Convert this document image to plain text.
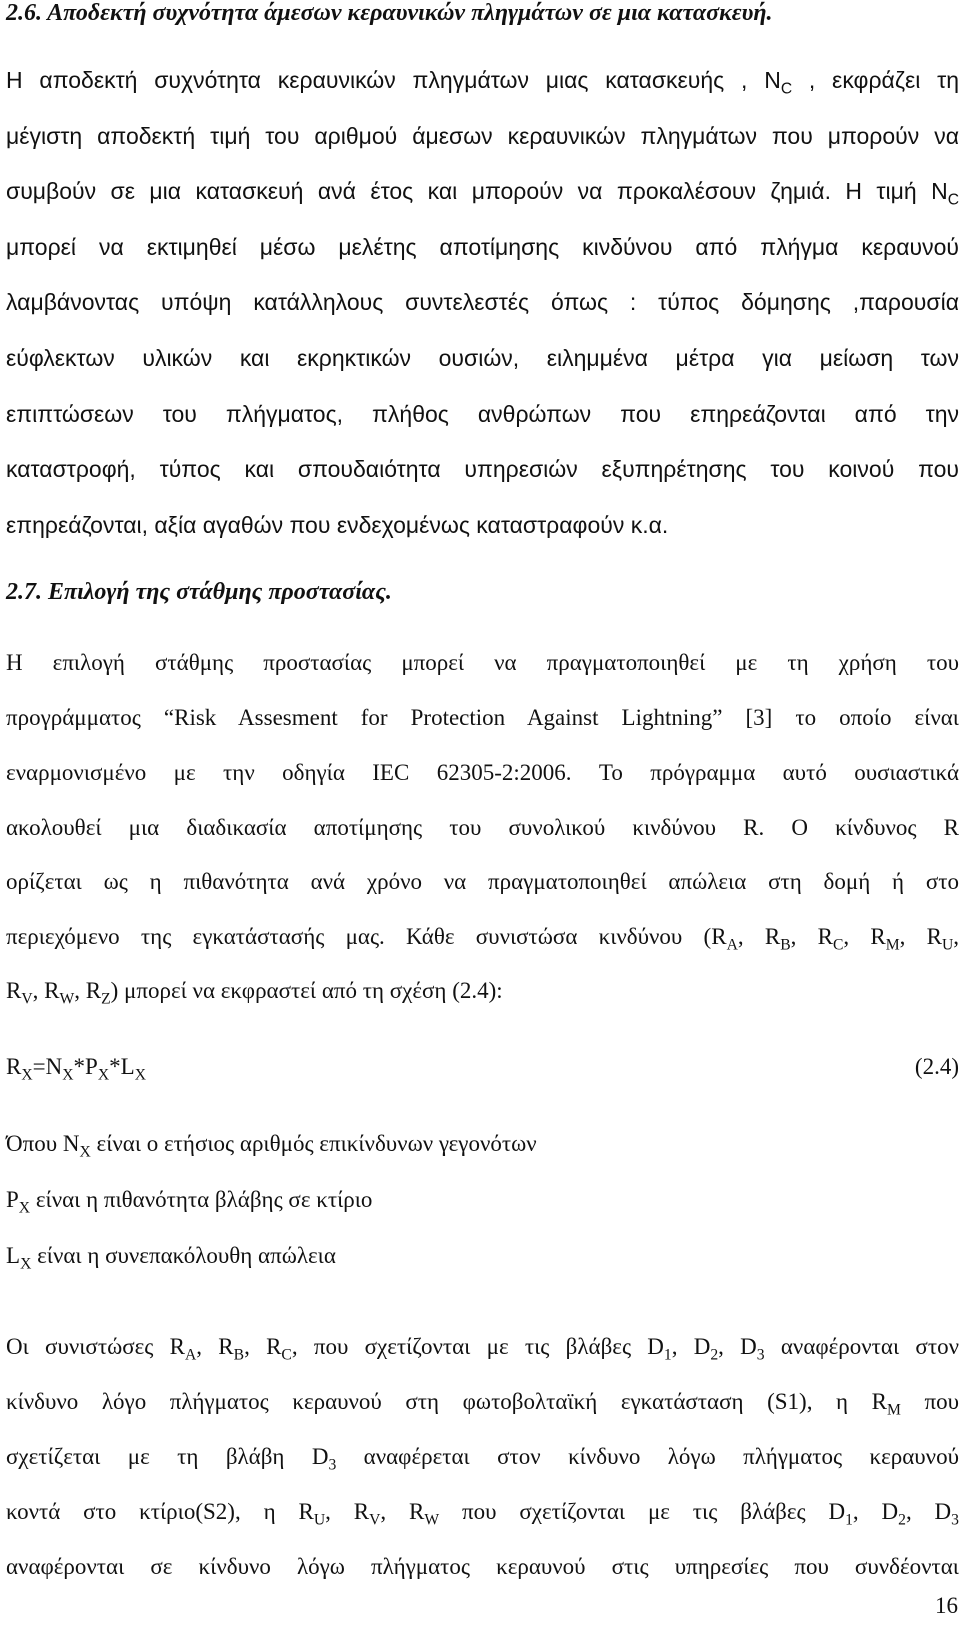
2.6. Αποδεκτή συχνότητα άμεσων κεραυνικών πληγμάτων σε μια κατασκευή.
Η αποδεκτή συχνότητα κεραυνικών πληγμάτων μιας κατασκευής , $N_C$ , εκφράζει τη
μέγιστη αποδεκτή τιμή του αριθμού άμεσων κεραυνικών πληγμάτων που μπορούν να
συμβούν σε μια κατασκευή ανά έτος και μπορούν να προκαλέσουν ζημιά. Η τιμή $N_C$
μπορεί να εκτιμηθεί μέσω μελέτης αποτίμησης κινδύνου από πλήγμα κεραυνού
λαμβάνοντας υπόψη κατάλληλους συντελεστές όπως : τύπος δόμησης ,παρουσία
εύφλεκτων υλικών και εκρηκτικών ουσιών, ειλημμένα μέτρα για μείωση των
επιπτώσεων του πλήγματος, πλήθος ανθρώπων που επηρεάζονται από την
καταστροφή, τύπος και σπουδαιότητα υπηρεσιών εξυπηρέτησης του κοινού που
επηρεάζονται, αξία αγαθών που ενδεχομένως καταστραφούν κ.α.
2.7. Επιλογή της στάθμης προστασίας.
Η επιλογή στάθμης προστασίας μπορεί να πραγματοποιηθεί με τη χρήση του
προγράμματος “Risk Assesment for Protection Against Lightning” [3] το οποίο είναι
εναρμονισμένο με την οδηγία IEC 62305-2:2006. Το πρόγραμμα αυτό ουσιαστικά
ακολουθεί μια διαδικασία αποτίμησης του συνολικού κινδύνου R. Ο κίνδυνος R
ορίζεται ως η πιθανότητα ανά χρόνο να πραγματοποιηθεί απώλεια στη δομή ή στο
περιεχόμενο της εγκατάστασής μας. Κάθε συνιστώσα κινδύνου ($R_A$, $R_B$, $R_C$, $R_M$, $R_U$,
$R_V$, $R_W$, $R_Z$) μπορεί να εκφραστεί από τη σχέση (2.4):
$R_X=N_X*P_X*L_X$	(2.4)
Όπου $N_X$ είναι ο ετήσιος αριθμός επικίνδυνων γεγονότων
$P_X$ είναι η πιθανότητα βλάβης σε κτίριο
$L_X$ είναι η συνεπακόλουθη απώλεια
Οι συνιστώσες $R_A$, $R_B$, $R_C$, που σχετίζονται με τις βλάβες $D_1$, $D_2$, $D_3$ αναφέρονται στον
κίνδυνο λόγο πλήγματος κεραυνού στη φωτοβολταϊκή εγκατάσταση (S1), η $R_M$ που
σχετίζεται με τη βλάβη $D_3$ αναφέρεται στον κίνδυνο λόγω πλήγματος κεραυνού
κοντά στο κτίριο(S2), η $R_U$, $R_V$, $R_W$ που σχετίζονται με τις βλάβες $D_1$, $D_2$, $D_3$
αναφέρονται σε κίνδυνο λόγω πλήγματος κεραυνού στις υπηρεσίες που συνδέονται
16
